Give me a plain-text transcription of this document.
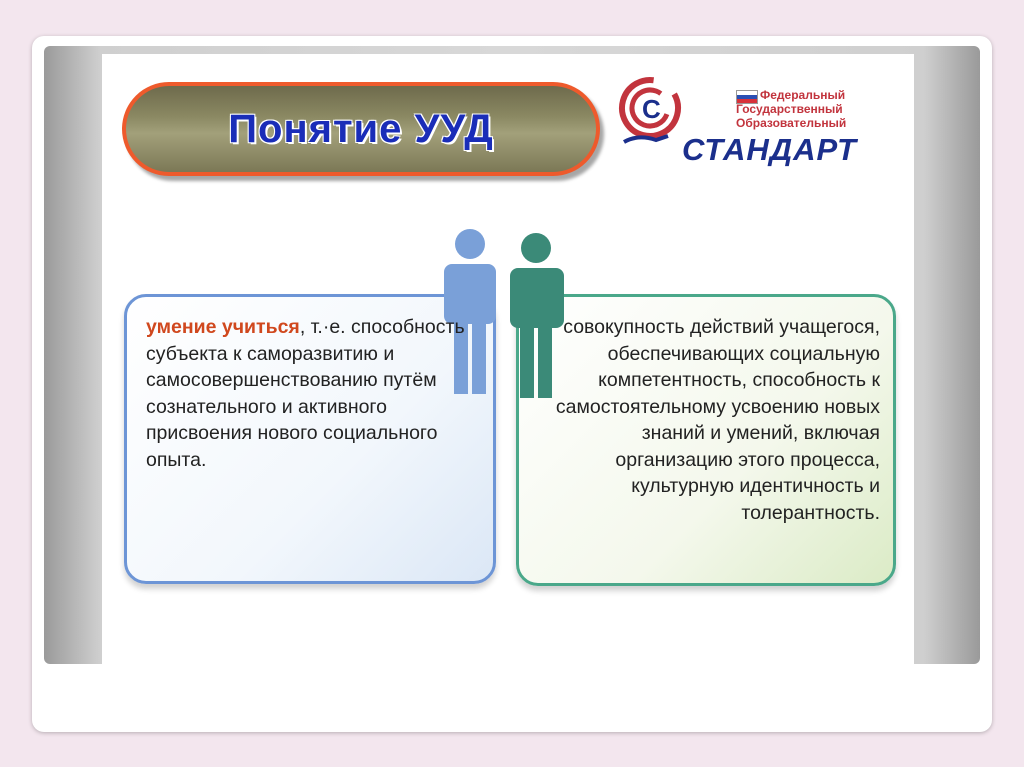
Понятие УУД	C	Федеральный
Государственный
Образовательный
СТАНДАРТ
умение учиться, т.·е. способность субъекта к саморазвитию и самосовершенствованию путём сознательного и активного присвоения нового социального опыта.
совокупность действий учащегося, обеспечивающих социальную компетентность, способность к самостоятельному усвоению новых знаний и умений, включая организацию этого процесса, культурную идентичность и толерантность.
